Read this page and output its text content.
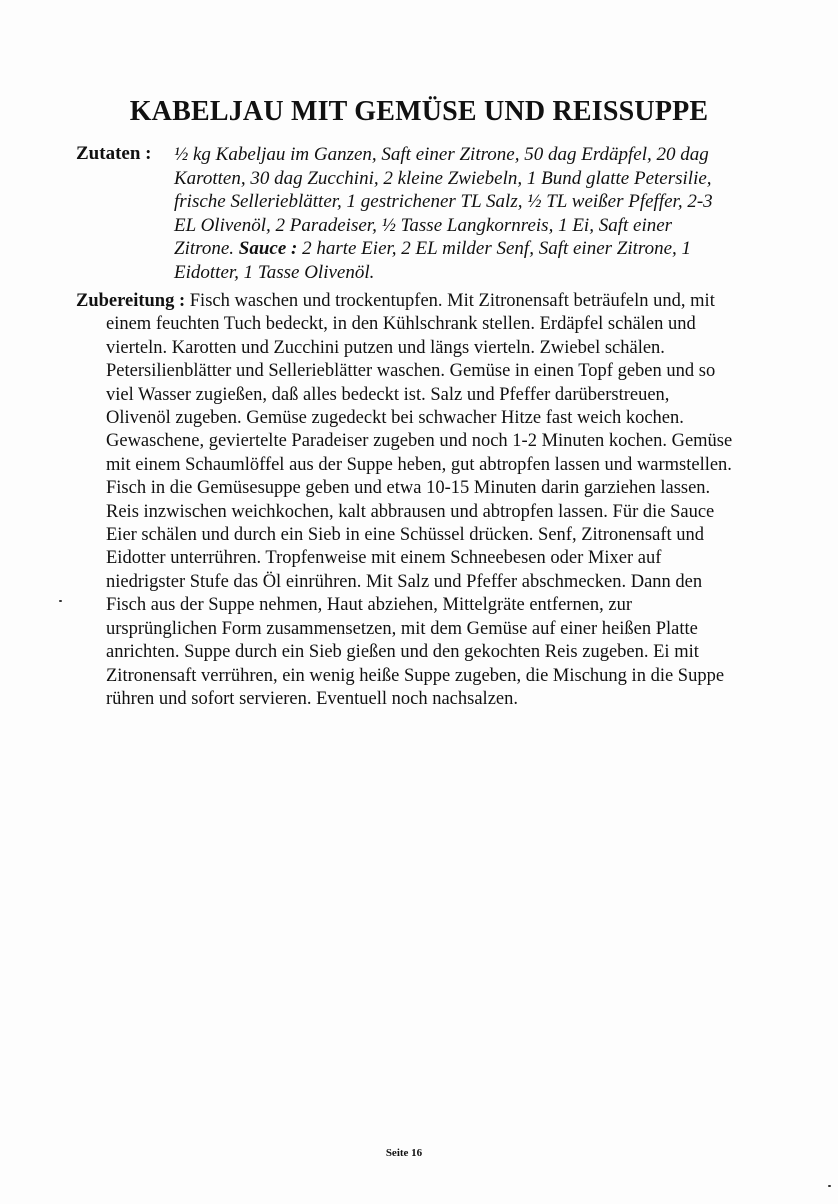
KABELJAU MIT GEMÜSE UND REISSUPPE
Zutaten : ½ kg Kabeljau im Ganzen, Saft einer Zitrone, 50 dag Erdäpfel, 20 dag Karotten, 30 dag Zucchini, 2 kleine Zwiebeln, 1 Bund glatte Petersilie, frische Sellerieblätter, 1 gestrichener TL Salz, ½ TL weißer Pfeffer, 2-3 EL Olivenöl, 2 Paradeiser, ½ Tasse Langkornreis, 1 Ei, Saft einer Zitrone. Sauce : 2 harte Eier, 2 EL milder Senf, Saft einer Zitrone, 1 Eidotter, 1 Tasse Olivenöl.

Zubereitung : Fisch waschen und trockentupfen. Mit Zitronensaft beträufeln und, mit einem feuchten Tuch bedeckt, in den Kühlschrank stellen. Erdäpfel schälen und vierteln. Karotten und Zucchini putzen und längs vierteln. Zwiebel schälen. Petersilienblätter und Sellerieblätter waschen. Gemüse in einen Topf geben und so viel Wasser zugießen, daß alles bedeckt ist. Salz und Pfeffer darüberstreuen, Olivenöl zugeben. Gemüse zugedeckt bei schwacher Hitze fast weich kochen. Gewaschene, geviertelte Paradeiser zugeben und noch 1-2 Minuten kochen. Gemüse mit einem Schaumlöffel aus der Suppe heben, gut abtropfen lassen und warmstellen. Fisch in die Gemüsesuppe geben und etwa 10-15 Minuten darin garziehen lassen. Reis inzwischen weichkochen, kalt abbrausen und abtropfen lassen. Für die Sauce Eier schälen und durch ein Sieb in eine Schüssel drücken. Senf, Zitronensaft und Eidotter unterrühren. Tropfenweise mit einem Schneebesen oder Mixer auf niedrigster Stufe das Öl einrühren. Mit Salz und Pfeffer abschmecken. Dann den Fisch aus der Suppe nehmen, Haut abziehen, Mittelgräte entfernen, zur ursprünglichen Form zusammensetzen, mit dem Gemüse auf einer heißen Platte anrichten. Suppe durch ein Sieb gießen und den gekochten Reis zugeben. Ei mit Zitronensaft verrühren, ein wenig heiße Suppe zugeben, die Mischung in die Suppe rühren und sofort servieren. Eventuell noch nachsalzen.

Seite 16
